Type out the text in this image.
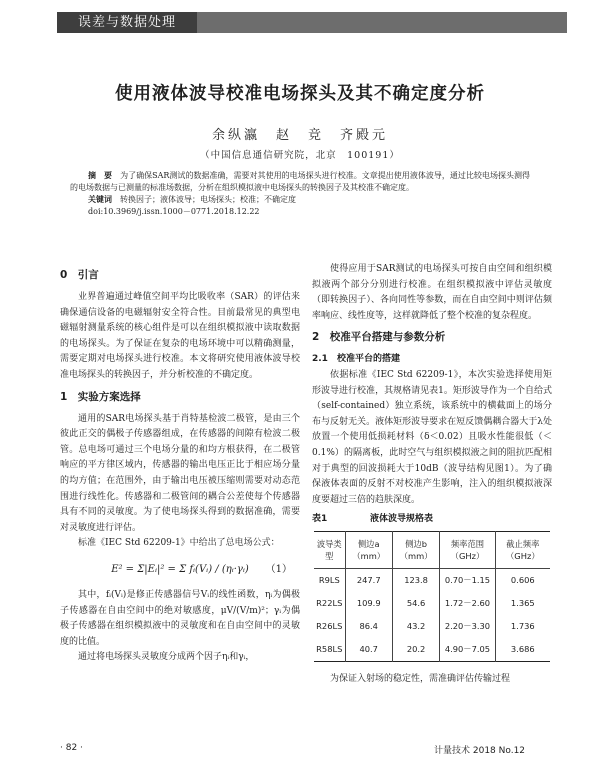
误差与数据处理
使用液体波导校准电场探头及其不确定度分析
余纵瀛　赵　竞　齐殿元
（中国信息通信研究院，北京　100191）

摘　要　 为了确保SAR测试的数据准确，需要对其使用的电场探头进行校准。文章提出使用液体波导，通过比较电场探头测得的电场数据与已测量的标准场数据，分析在组织模拟液中电场探头的转换因子及其校准不确定度。

关键词　 转换因子；液体波导；电场探头；校准；不确定度

doi:10.3969/j.issn.1000－0771.2018.12.22

0　引言

业界普遍通过峰值空间平均比吸收率（SAR）的评估来确保通信设备的电磁辐射安全符合性。目前最常见的典型电磁辐射测量系统的核心组件是可以在组织模拟液中读取数据的电场探头。为了保证在复杂的电场环境中可以精确测量，需要定期对电场探头进行校准。本文将研究使用液体波导校准电场探头的转换因子，并分析校准的不确定度。

1　实验方案选择

通用的SAR电场探头基于肖特基检波二极管，是由三个彼此正交的偶极子传感器组成，在传感器的间隙有检波二极管。总电场可通过三个电场分量的和均方根获得，在二极管响应的平方律区域内，传感器的输出电压正比于相应场分量的均方值；在范围外，由于输出电压被压缩则需要对动态范围进行线性化。传感器和二极管间的耦合公差使每个传感器具有不同的灵敏度。为了使电场探头得到的数据准确，需要对灵敏度进行评估。

标准《IEC Std 62209-1》中给出了总电场公式：

E² = Σ|Eᵢ|² = Σ fᵢ(Vᵢ) / (ηᵢ·γᵢ) （1）

其中，fᵢ(Vᵢ)是修正传感器信号Vᵢ的线性函数，ηᵢ为偶极子传感器在自由空间中的绝对敏感度，μV/(V/m)²；γᵢ为偶极子传感器在组织模拟液中的灵敏度和在自由空间中的灵敏度的比值。

通过将电场探头灵敏度分成两个因子ηᵢ和γᵢ，

使得应用于SAR测试的电场探头可按自由空间和组织模拟液两个部分分别进行校准。在组织模拟液中评估灵敏度（即转换因子）、各向同性等参数，而在自由空间中则评估频率响应、线性度等，这样就降低了整个校准的复杂程度。

2　校准平台搭建与参数分析
2.1　校准平台的搭建

依据标准《IEC Std 62209-1》，本次实验选择使用矩形波导进行校准，其规格请见表1。矩形波导作为一个自给式（self-contained）独立系统，该系统中的横截面上的场分布与反射无关。液体矩形波导要求在短反馈偶耦合器大于λ处放置一个使用低损耗材料（δ＜0.02）且吸水性能很低（＜0.1%）的隔离板，此时空气与组织模拟液之间的阻抗匹配相对于典型的回波损耗大于10dB（波导结构见图1）。为了确保液体表面的反射不对校准产生影响，注入的组织模拟液深度要超过三倍的趋肤深度。

表1	液体波导规格表
波导类型	侧边a（mm）	侧边b（mm）	频率范围（GHz）	截止频率（GHz）
R9LS	247.7	123.8	0.70－1.15	0.606
R22LS	109.9	54.6	1.72－2.60	1.365
R26LS	86.4	43.2	2.20－3.30	1.736
R58LS	40.7	20.2	4.90－7.05	3.686

为保证入射场的稳定性，需准确评估传输过程

· 82 ·	计量技术 2018 No.12
